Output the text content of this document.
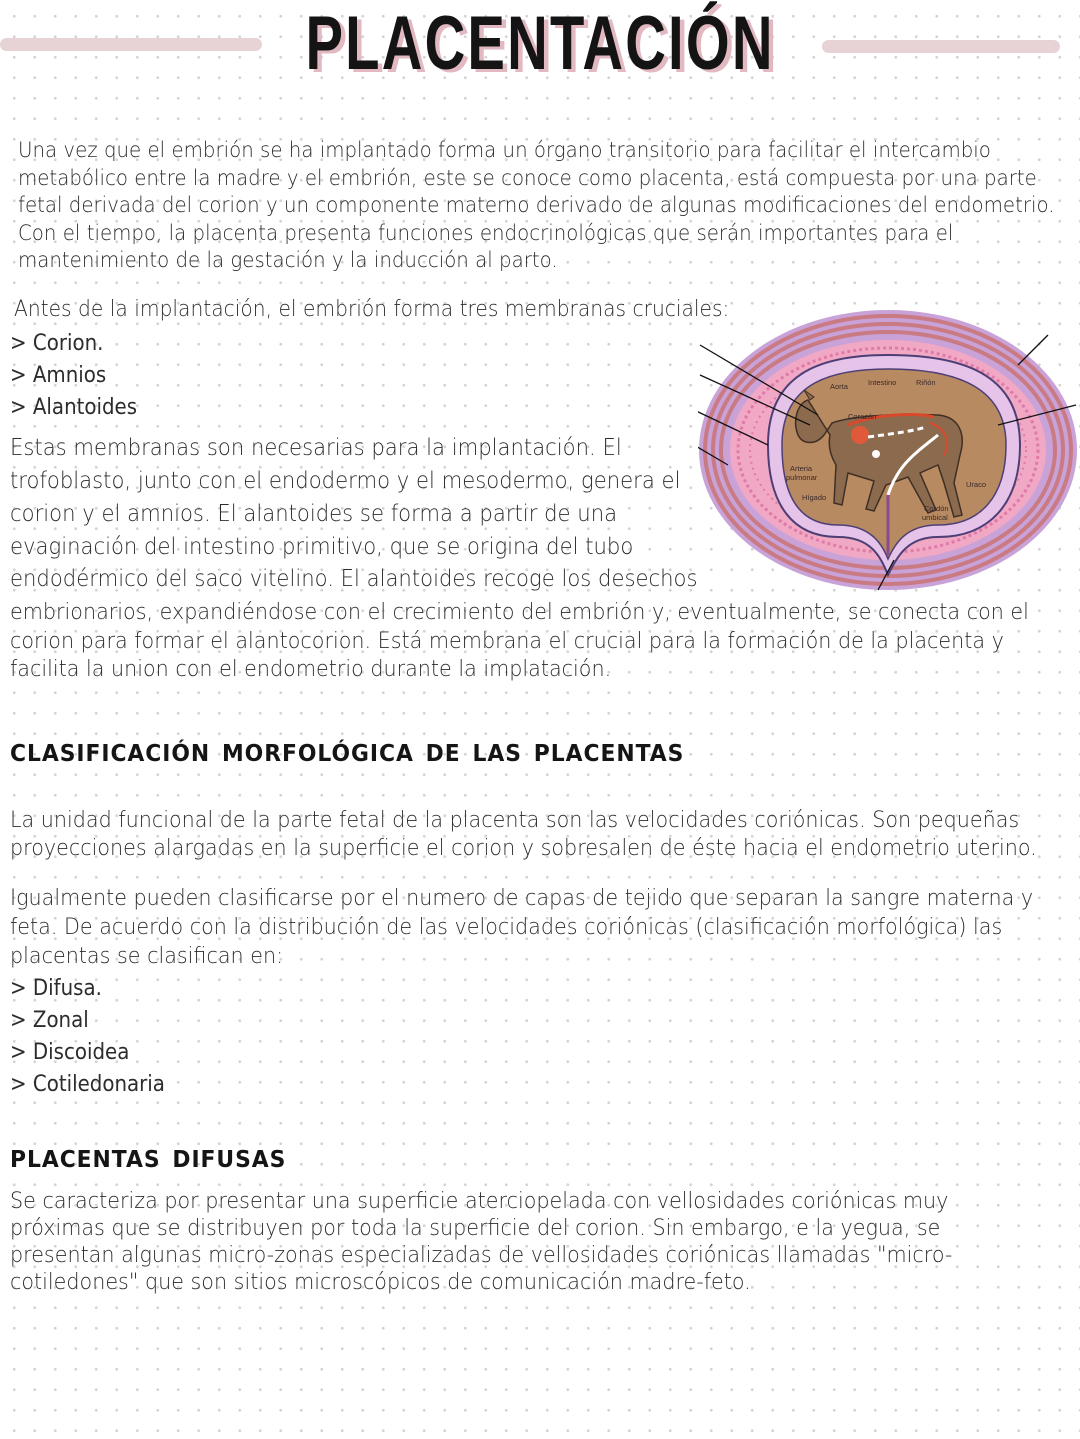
PLACENTACIÓN

Una vez que el embrión se ha implantado forma un órgano transitorio para facilitar el intercambio metabólico entre la madre y el embrión, este se conoce como placenta, está compuesta por una parte fetal derivada del corion y un componente materno derivado de algunas modificaciones del endometrio. Con el tiempo, la placenta presenta funciones endocrinológicas que serán importantes para el mantenimiento de la gestación y la inducción al parto.

Antes de la implantación, el embrión forma tres membranas cruciales:

> Corion.
> Amnios
> Alantoides

Estas membranas son necesarias para la implantación. El

trofoblasto, junto con el endodermo y el mesodermo, genera el

corion y el amnios. El alantoides se forma a partir de una

evaginación del intestino primitivo, que se origina del tubo

endodérmico del saco vitelino. El alantoides recoge los desechos

embrionarios, expandiéndose con el crecimiento del embrión y, eventualmente, se conecta con el corion para formar el alantocorion. Está membrana el crucial para la formación de la placenta y facilita la union con el endometrio durante la implatación.

Aorta	Intestino	Riñón
Corazón
Arteria
pulmonar
Hígado
Uraco
Cordón
umbical
clasificación morfológica de las placentas

La unidad funcional de la parte fetal de la placenta son las velocidades coriónicas. Son pequeñas proyecciones alargadas en la superficie el corion y sobresalen de éste hacia el endometrio uterino.

Igualmente pueden clasificarse por el numero de capas de tejido que separan la sangre materna y feta. De acuerdo con la distribución de las velocidades coriónicas (clasificación morfológica) las placentas se clasifican en:

> Difusa.
> Zonal
> Discoidea
> Cotiledonaria
placentas difusas

Se caracteriza por presentar una superficie aterciopelada con vellosidades coriónicas muy próximas que se distribuyen por toda la superficie del corion. Sin embargo, e la yegua, se presentan algunas micro-zonas especializadas de vellosidades coriónicas llamadas "micro-cotiledones" que son sitios microscópicos de comunicación madre-feto.
